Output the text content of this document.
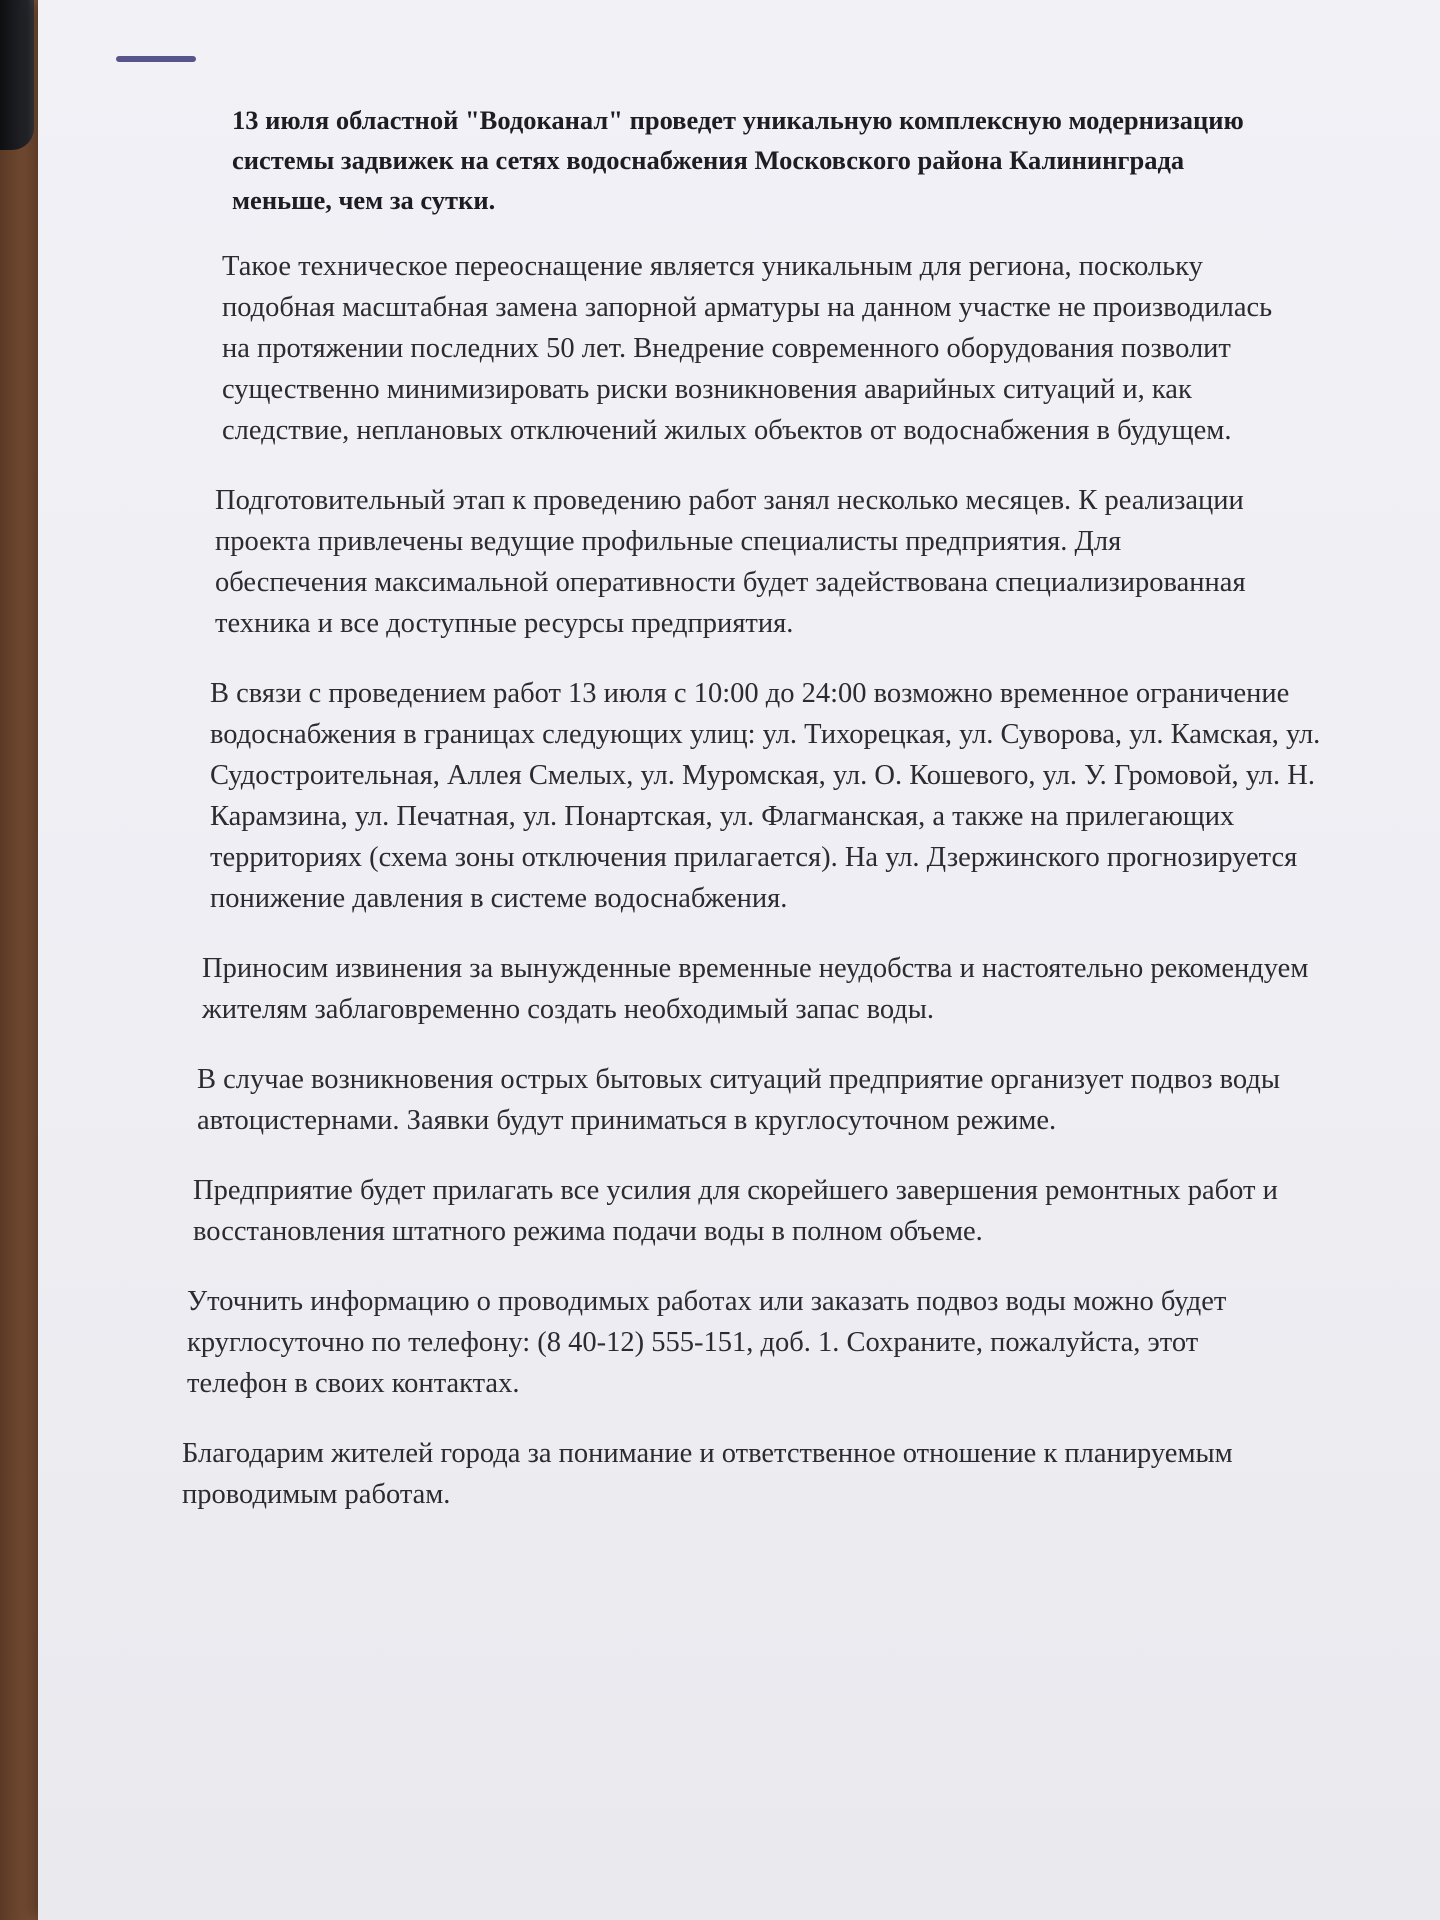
13 июля областной "Водоканал" проведет уникальную комплексную модернизацию системы задвижек на сетях водоснабжения Московского района Калининграда меньше, чем за сутки.

Такое техническое переоснащение является уникальным для региона, поскольку подобная масштабная замена запорной арматуры на данном участке не производилась на протяжении последних 50 лет. Внедрение современного оборудования позволит существенно минимизировать риски возникновения аварийных ситуаций и, как следствие, неплановых отключений жилых объектов от водоснабжения в будущем.

Подготовительный этап к проведению работ занял несколько месяцев. К реализации проекта привлечены ведущие профильные специалисты предприятия. Для обеспечения максимальной оперативности будет задействована специализированная техника и все доступные ресурсы предприятия.

В связи с проведением работ 13 июля с 10:00 до 24:00 возможно временное ограничение водоснабжения в границах следующих улиц: ул. Тихорецкая, ул. Суворова, ул. Камская, ул. Судостроительная, Аллея Смелых, ул. Муромская, ул. О. Кошевого, ул. У. Громовой, ул. Н. Карамзина, ул. Печатная, ул. Понартская, ул. Флагманская, а также на прилегающих территориях (схема зоны отключения прилагается). На ул. Дзержинского прогнозируется понижение давления в системе водоснабжения.

Приносим извинения за вынужденные временные неудобства и настоятельно рекомендуем жителям заблаговременно создать необходимый запас воды.

В случае возникновения острых бытовых ситуаций предприятие организует подвоз воды автоцистернами. Заявки будут приниматься в круглосуточном режиме.

Предприятие будет прилагать все усилия для скорейшего завершения ремонтных работ и восстановления штатного режима подачи воды в полном объеме.

Уточнить информацию о проводимых работах или заказать подвоз воды можно будет круглосуточно по телефону: (8 40-12) 555-151, доб. 1. Сохраните, пожалуйста, этот телефон в своих контактах.

Благодарим жителей города за понимание и ответственное отношение к планируемым проводимым работам.
